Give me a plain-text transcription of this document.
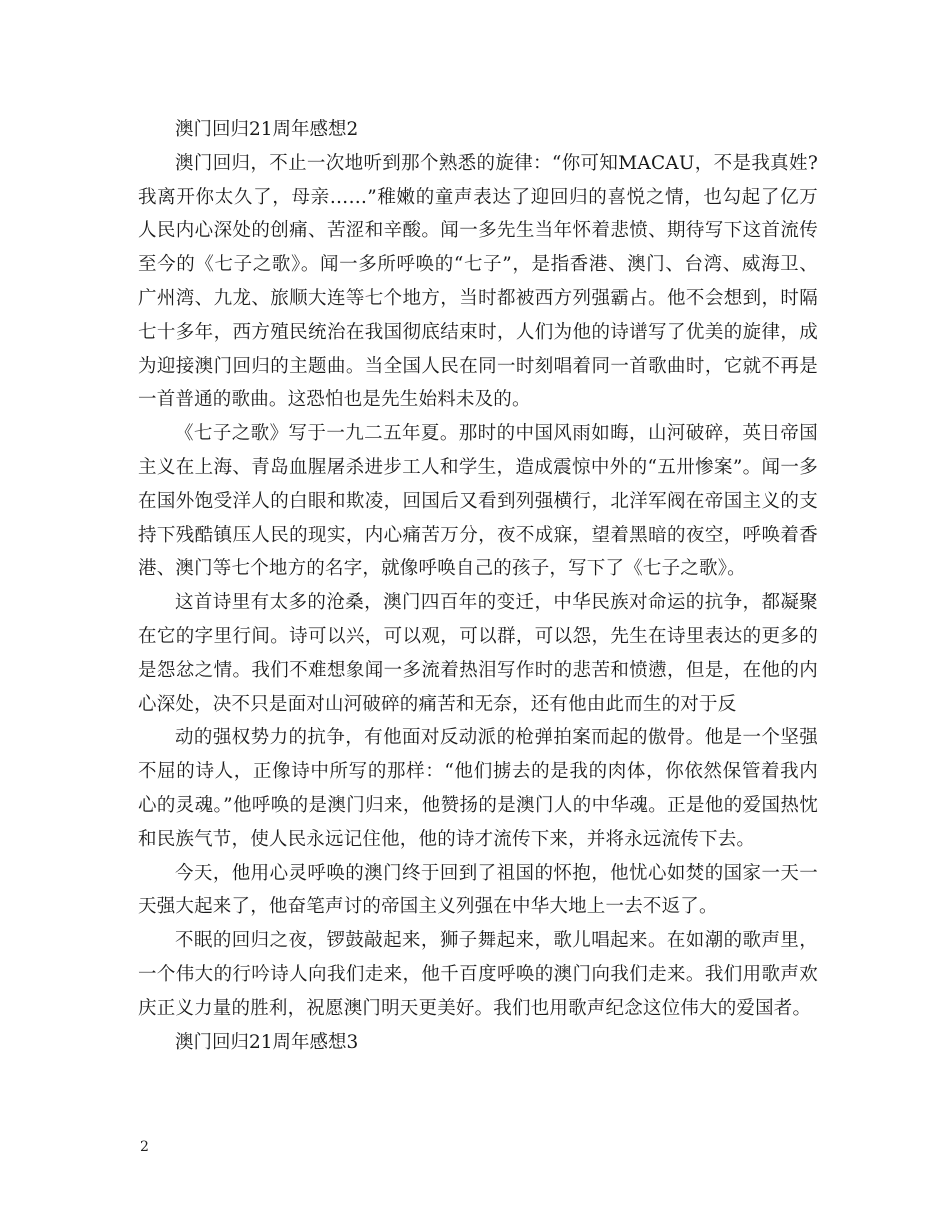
澳门回归21周年感想2

澳门回归，不止一次地听到那个熟悉的旋律：“你可知MACAU，不是我真姓?我离开你太久了，母亲……”稚嫩的童声表达了迎回归的喜悦之情，也勾起了亿万人民内心深处的创痛、苦涩和辛酸。闻一多先生当年怀着悲愤、期待写下这首流传至今的《七子之歌》。闻一多所呼唤的“七子”，是指香港、澳门、台湾、威海卫、广州湾、九龙、旅顺大连等七个地方，当时都被西方列强霸占。他不会想到，时隔七十多年，西方殖民统治在我国彻底结束时，人们为他的诗谱写了优美的旋律，成为迎接澳门回归的主题曲。当全国人民在同一时刻唱着同一首歌曲时，它就不再是一首普通的歌曲。这恐怕也是先生始料未及的。

《七子之歌》写于一九二五年夏。那时的中国风雨如晦，山河破碎，英日帝国主义在上海、青岛血腥屠杀进步工人和学生，造成震惊中外的“五卅惨案”。闻一多在国外饱受洋人的白眼和欺凌，回国后又看到列强横行，北洋军阀在帝国主义的支持下残酷镇压人民的现实，内心痛苦万分，夜不成寐，望着黑暗的夜空，呼唤着香港、澳门等七个地方的名字，就像呼唤自己的孩子，写下了《七子之歌》。

这首诗里有太多的沧桑，澳门四百年的变迁，中华民族对命运的抗争，都凝聚在它的字里行间。诗可以兴，可以观，可以群，可以怨，先生在诗里表达的更多的是怨忿之情。我们不难想象闻一多流着热泪写作时的悲苦和愤懑，但是，在他的内心深处，决不只是面对山河破碎的痛苦和无奈，还有他由此而生的对于反

动的强权势力的抗争，有他面对反动派的枪弹拍案而起的傲骨。他是一个坚强不屈的诗人，正像诗中所写的那样：“他们掳去的是我的肉体，你依然保管着我内心的灵魂。”他呼唤的是澳门归来，他赞扬的是澳门人的中华魂。正是他的爱国热忱和民族气节，使人民永远记住他，他的诗才流传下来，并将永远流传下去。

今天，他用心灵呼唤的澳门终于回到了祖国的怀抱，他忧心如焚的国家一天一天强大起来了，他奋笔声讨的帝国主义列强在中华大地上一去不返了。

不眠的回归之夜，锣鼓敲起来，狮子舞起来，歌儿唱起来。在如潮的歌声里，一个伟大的行吟诗人向我们走来，他千百度呼唤的澳门向我们走来。我们用歌声欢庆正义力量的胜利，祝愿澳门明天更美好。我们也用歌声纪念这位伟大的爱国者。

澳门回归21周年感想3

2
